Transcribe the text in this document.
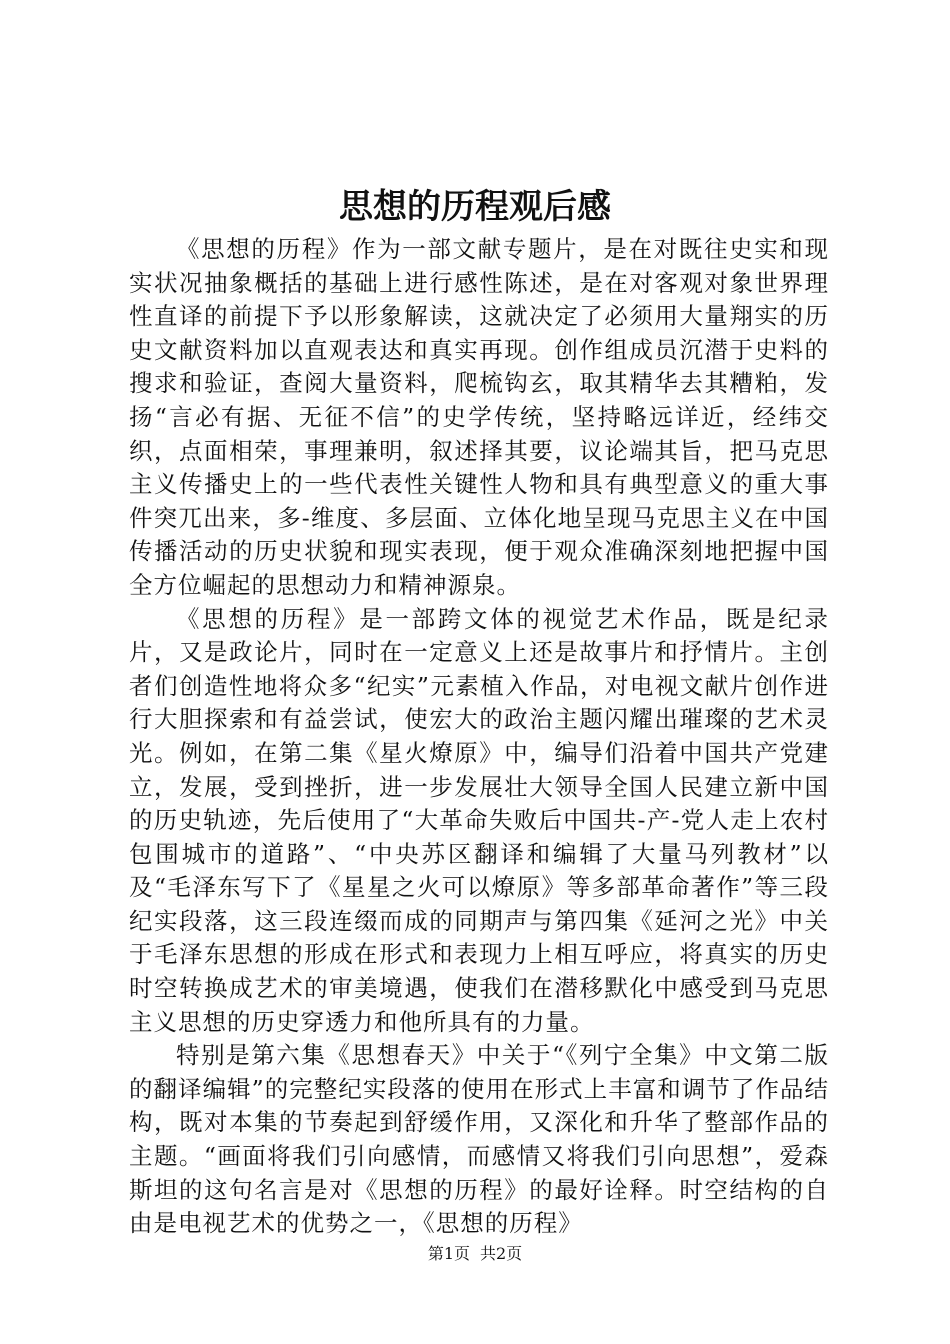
思想的历程观后感

《思想的历程》作为一部文献专题片，是在对既往史实和现实状况抽象概括的基础上进行感性陈述，是在对客观对象世界理性直译的前提下予以形象解读，这就决定了必须用大量翔实的历史文献资料加以直观表达和真实再现。创作组成员沉潜于史料的搜求和验证，查阅大量资料，爬梳钩玄，取其精华去其糟粕，发扬“言必有据、无征不信”的史学传统，坚持略远详近，经纬交织，点面相荣，事理兼明，叙述择其要，议论端其旨，把马克思主义传播史上的一些代表性关键性人物和具有典型意义的重大事件突兀出来，多-维度、多层面、立体化地呈现马克思主义在中国传播活动的历史状貌和现实表现，便于观众准确深刻地把握中国全方位崛起的思想动力和精神源泉。

《思想的历程》是一部跨文体的视觉艺术作品，既是纪录片，又是政论片，同时在一定意义上还是故事片和抒情片。主创者们创造性地将众多“纪实”元素植入作品，对电视文献片创作进行大胆探索和有益尝试，使宏大的政治主题闪耀出璀璨的艺术灵光。例如，在第二集《星火燎原》中，编导们沿着中国共产党建立，发展，受到挫折，进一步发展壮大领导全国人民建立新中国的历史轨迹，先后使用了“大革命失败后中国共-产-党人走上农村包围城市的道路”、“中央苏区翻译和编辑了大量马列教材”以及“毛泽东写下了《星星之火可以燎原》等多部革命著作”等三段纪实段落，这三段连缀而成的同期声与第四集《延河之光》中关于毛泽东思想的形成在形式和表现力上相互呼应，将真实的历史时空转换成艺术的审美境遇，使我们在潜移默化中感受到马克思主义思想的历史穿透力和他所具有的力量。

特别是第六集《思想春天》中关于“《列宁全集》中文第二版的翻译编辑”的完整纪实段落的使用在形式上丰富和调节了作品结构，既对本集的节奏起到舒缓作用，又深化和升华了整部作品的主题。“画面将我们引向感情，而感情又将我们引向思想”，爱森斯坦的这句名言是对《思想的历程》的最好诠释。时空结构的自由是电视艺术的优势之一，《思想的历程》

第1页 共2页
